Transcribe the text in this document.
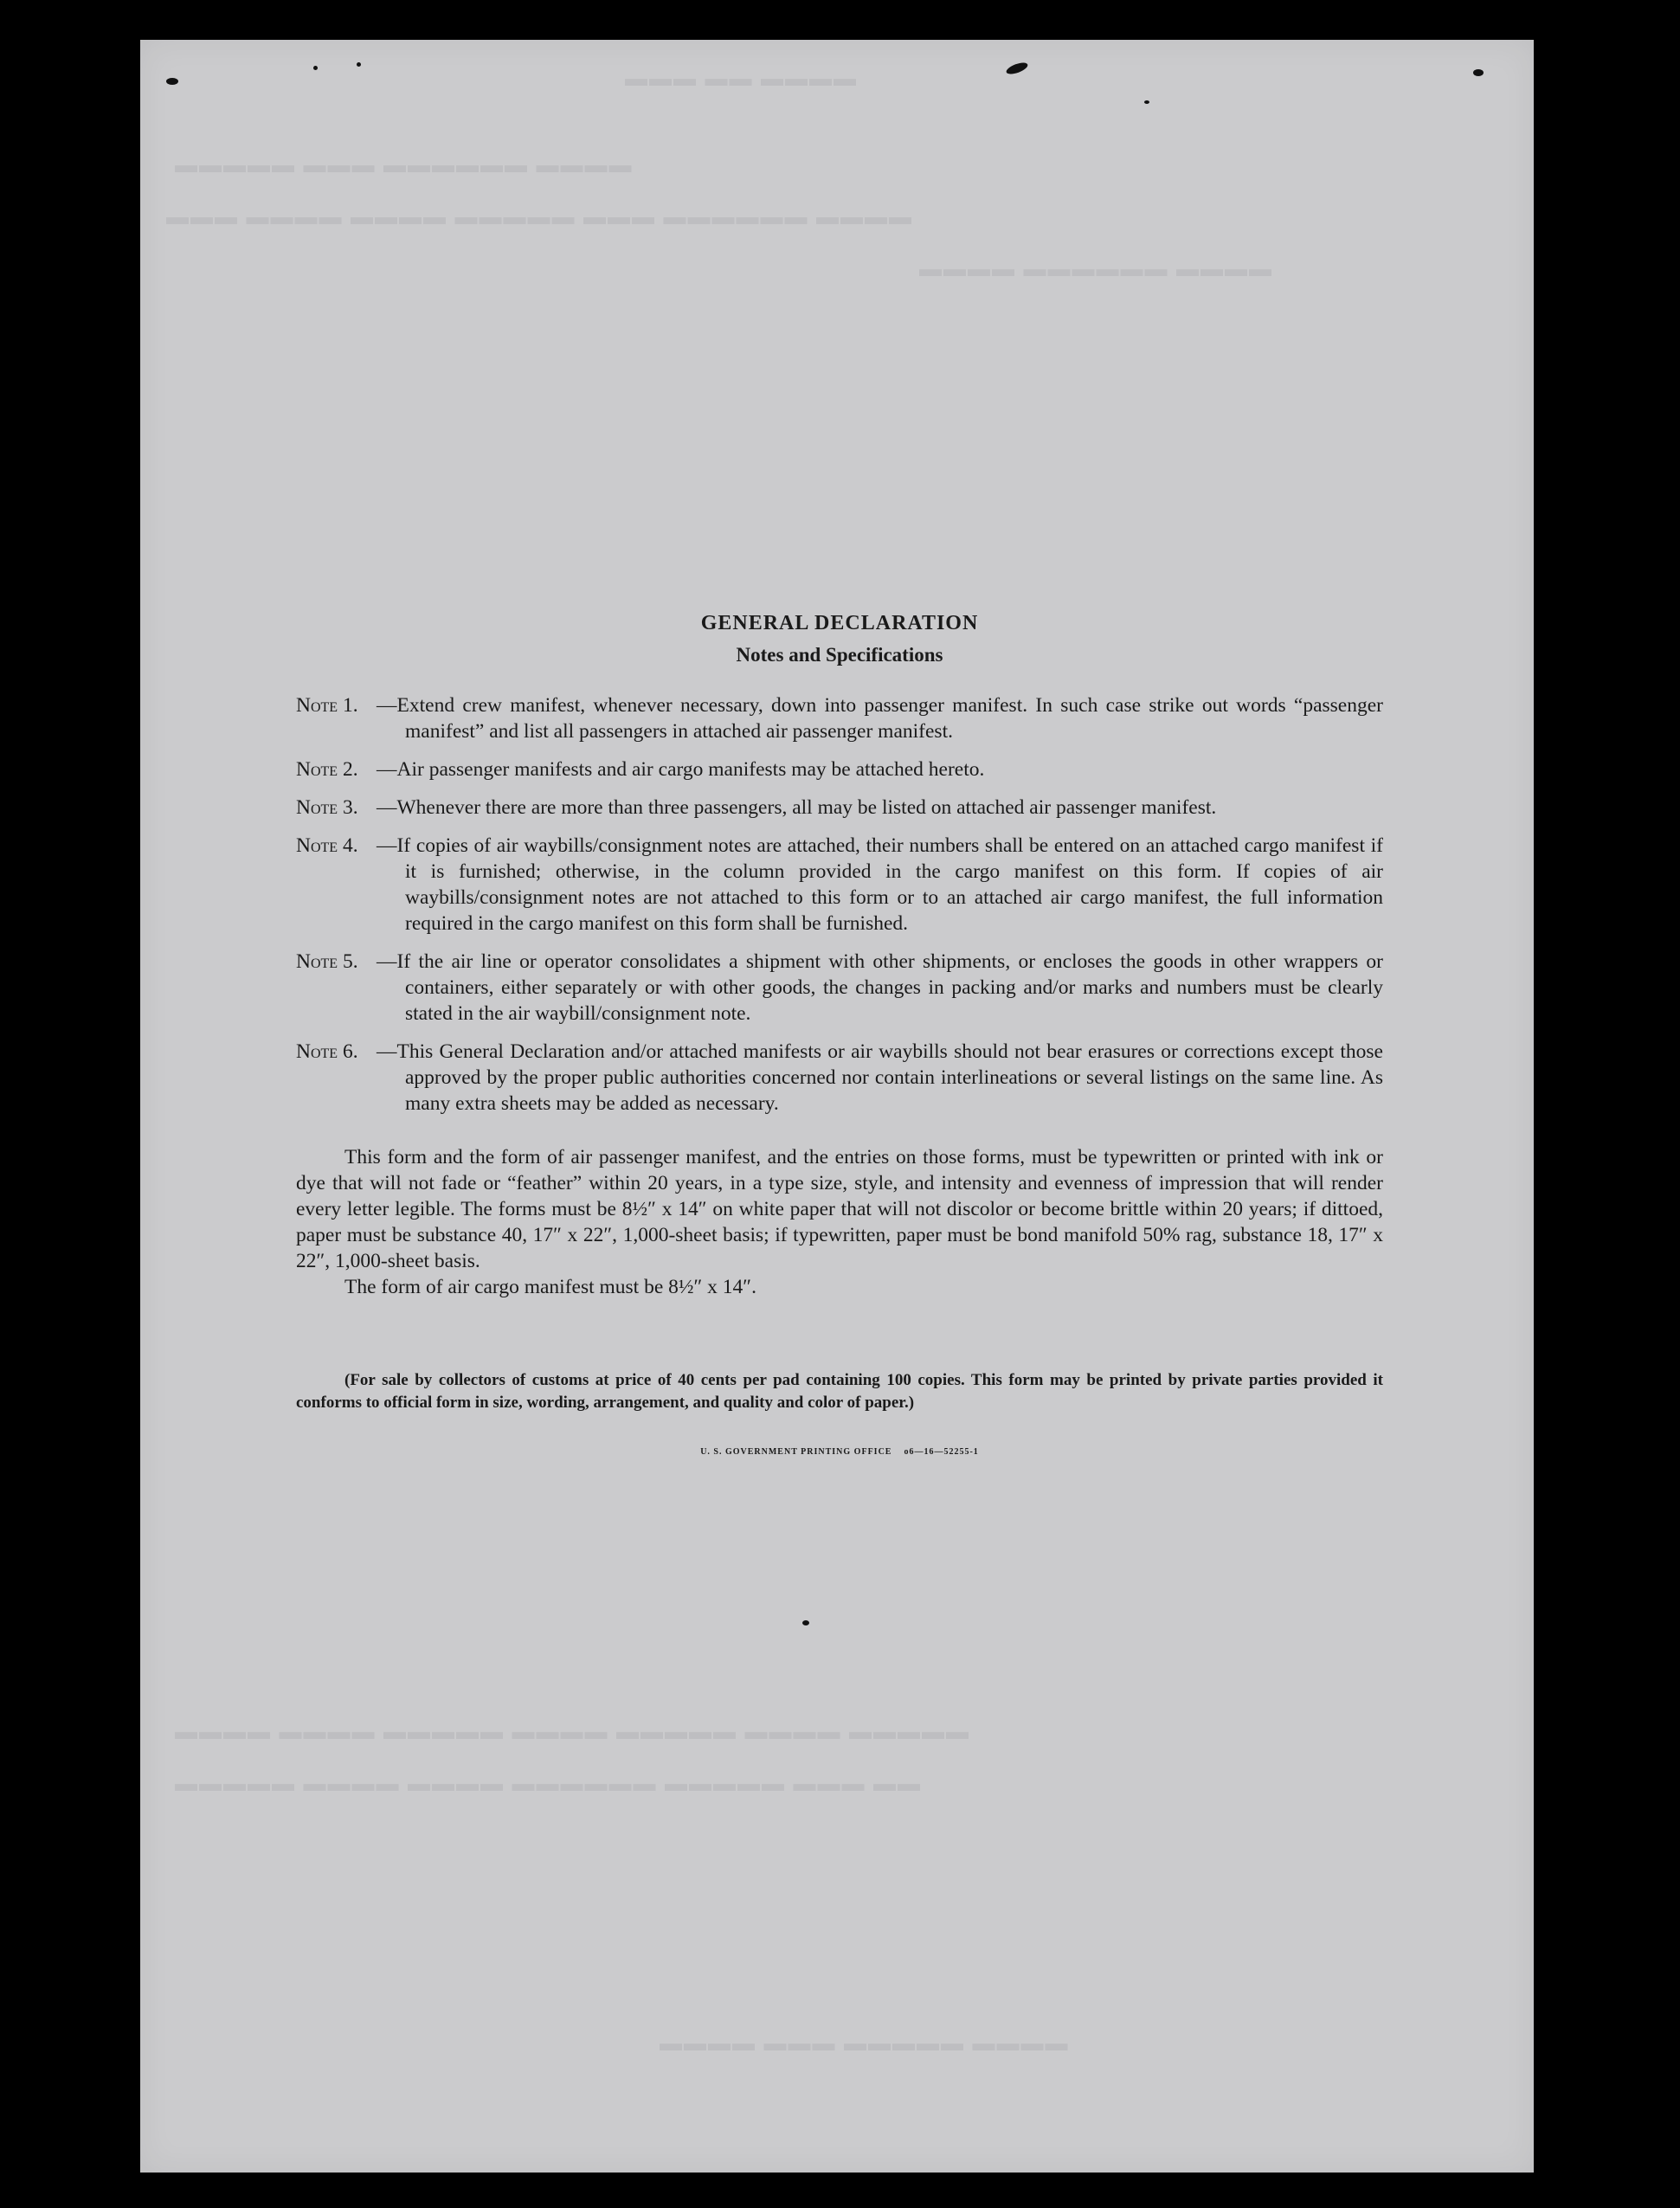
▬▬▬ ▬▬ ▬▬▬▬
▬▬▬▬▬ ▬▬▬ ▬▬▬▬▬▬ ▬▬▬▬
▬▬▬ ▬▬▬▬ ▬▬▬▬ ▬▬▬▬▬ ▬▬▬ ▬▬▬▬▬▬ ▬▬▬▬
▬▬▬▬ ▬▬▬▬▬▬ ▬▬▬▬
▬▬▬▬ ▬▬▬▬ ▬▬▬▬▬ ▬▬▬▬ ▬▬▬▬▬ ▬▬▬▬ ▬▬▬▬▬
▬▬▬▬▬ ▬▬▬▬ ▬▬▬▬ ▬▬▬▬▬▬ ▬▬▬▬▬ ▬▬▬ ▬▬
▬▬▬▬ ▬▬▬ ▬▬▬▬▬ ▬▬▬▬
GENERAL DECLARATION
Notes and Specifications
Note 1. —Extend crew manifest, whenever necessary, down into passenger manifest. In such case strike out words “passenger manifest” and list all passengers in attached air passenger manifest.
Note 2. —Air passenger manifests and air cargo manifests may be attached hereto.
Note 3. —Whenever there are more than three passengers, all may be listed on attached air passenger manifest.
Note 4. —If copies of air waybills/consignment notes are attached, their numbers shall be entered on an attached cargo manifest if it is furnished; otherwise, in the column provided in the cargo manifest on this form. If copies of air waybills/consignment notes are not attached to this form or to an attached air cargo manifest, the full information required in the cargo manifest on this form shall be furnished.
Note 5. —If the air line or operator consolidates a shipment with other shipments, or encloses the goods in other wrappers or containers, either separately or with other goods, the changes in packing and/or marks and numbers must be clearly stated in the air waybill/consignment note.
Note 6. —This General Declaration and/or attached manifests or air waybills should not bear erasures or corrections except those approved by the proper public authorities concerned nor contain interlineations or several listings on the same line. As many extra sheets may be added as necessary.

This form and the form of air passenger manifest, and the entries on those forms, must be typewritten or printed with ink or dye that will not fade or “feather” within 20 years, in a type size, style, and intensity and evenness of impression that will render every letter legible. The forms must be 8½″ x 14″ on white paper that will not discolor or become brittle within 20 years; if dittoed, paper must be substance 40, 17″ x 22″, 1,000-sheet basis; if typewritten, paper must be bond manifold 50% rag, substance 18, 17″ x 22″, 1,000-sheet basis.

The form of air cargo manifest must be 8½″ x 14″.

(For sale by collectors of customs at price of 40 cents per pad containing 100 copies. This form may be printed by private parties provided it conforms to official form in size, wording, arrangement, and quality and color of paper.)

U. S. GOVERNMENT PRINTING OFFICE    o6—16—52255-1
